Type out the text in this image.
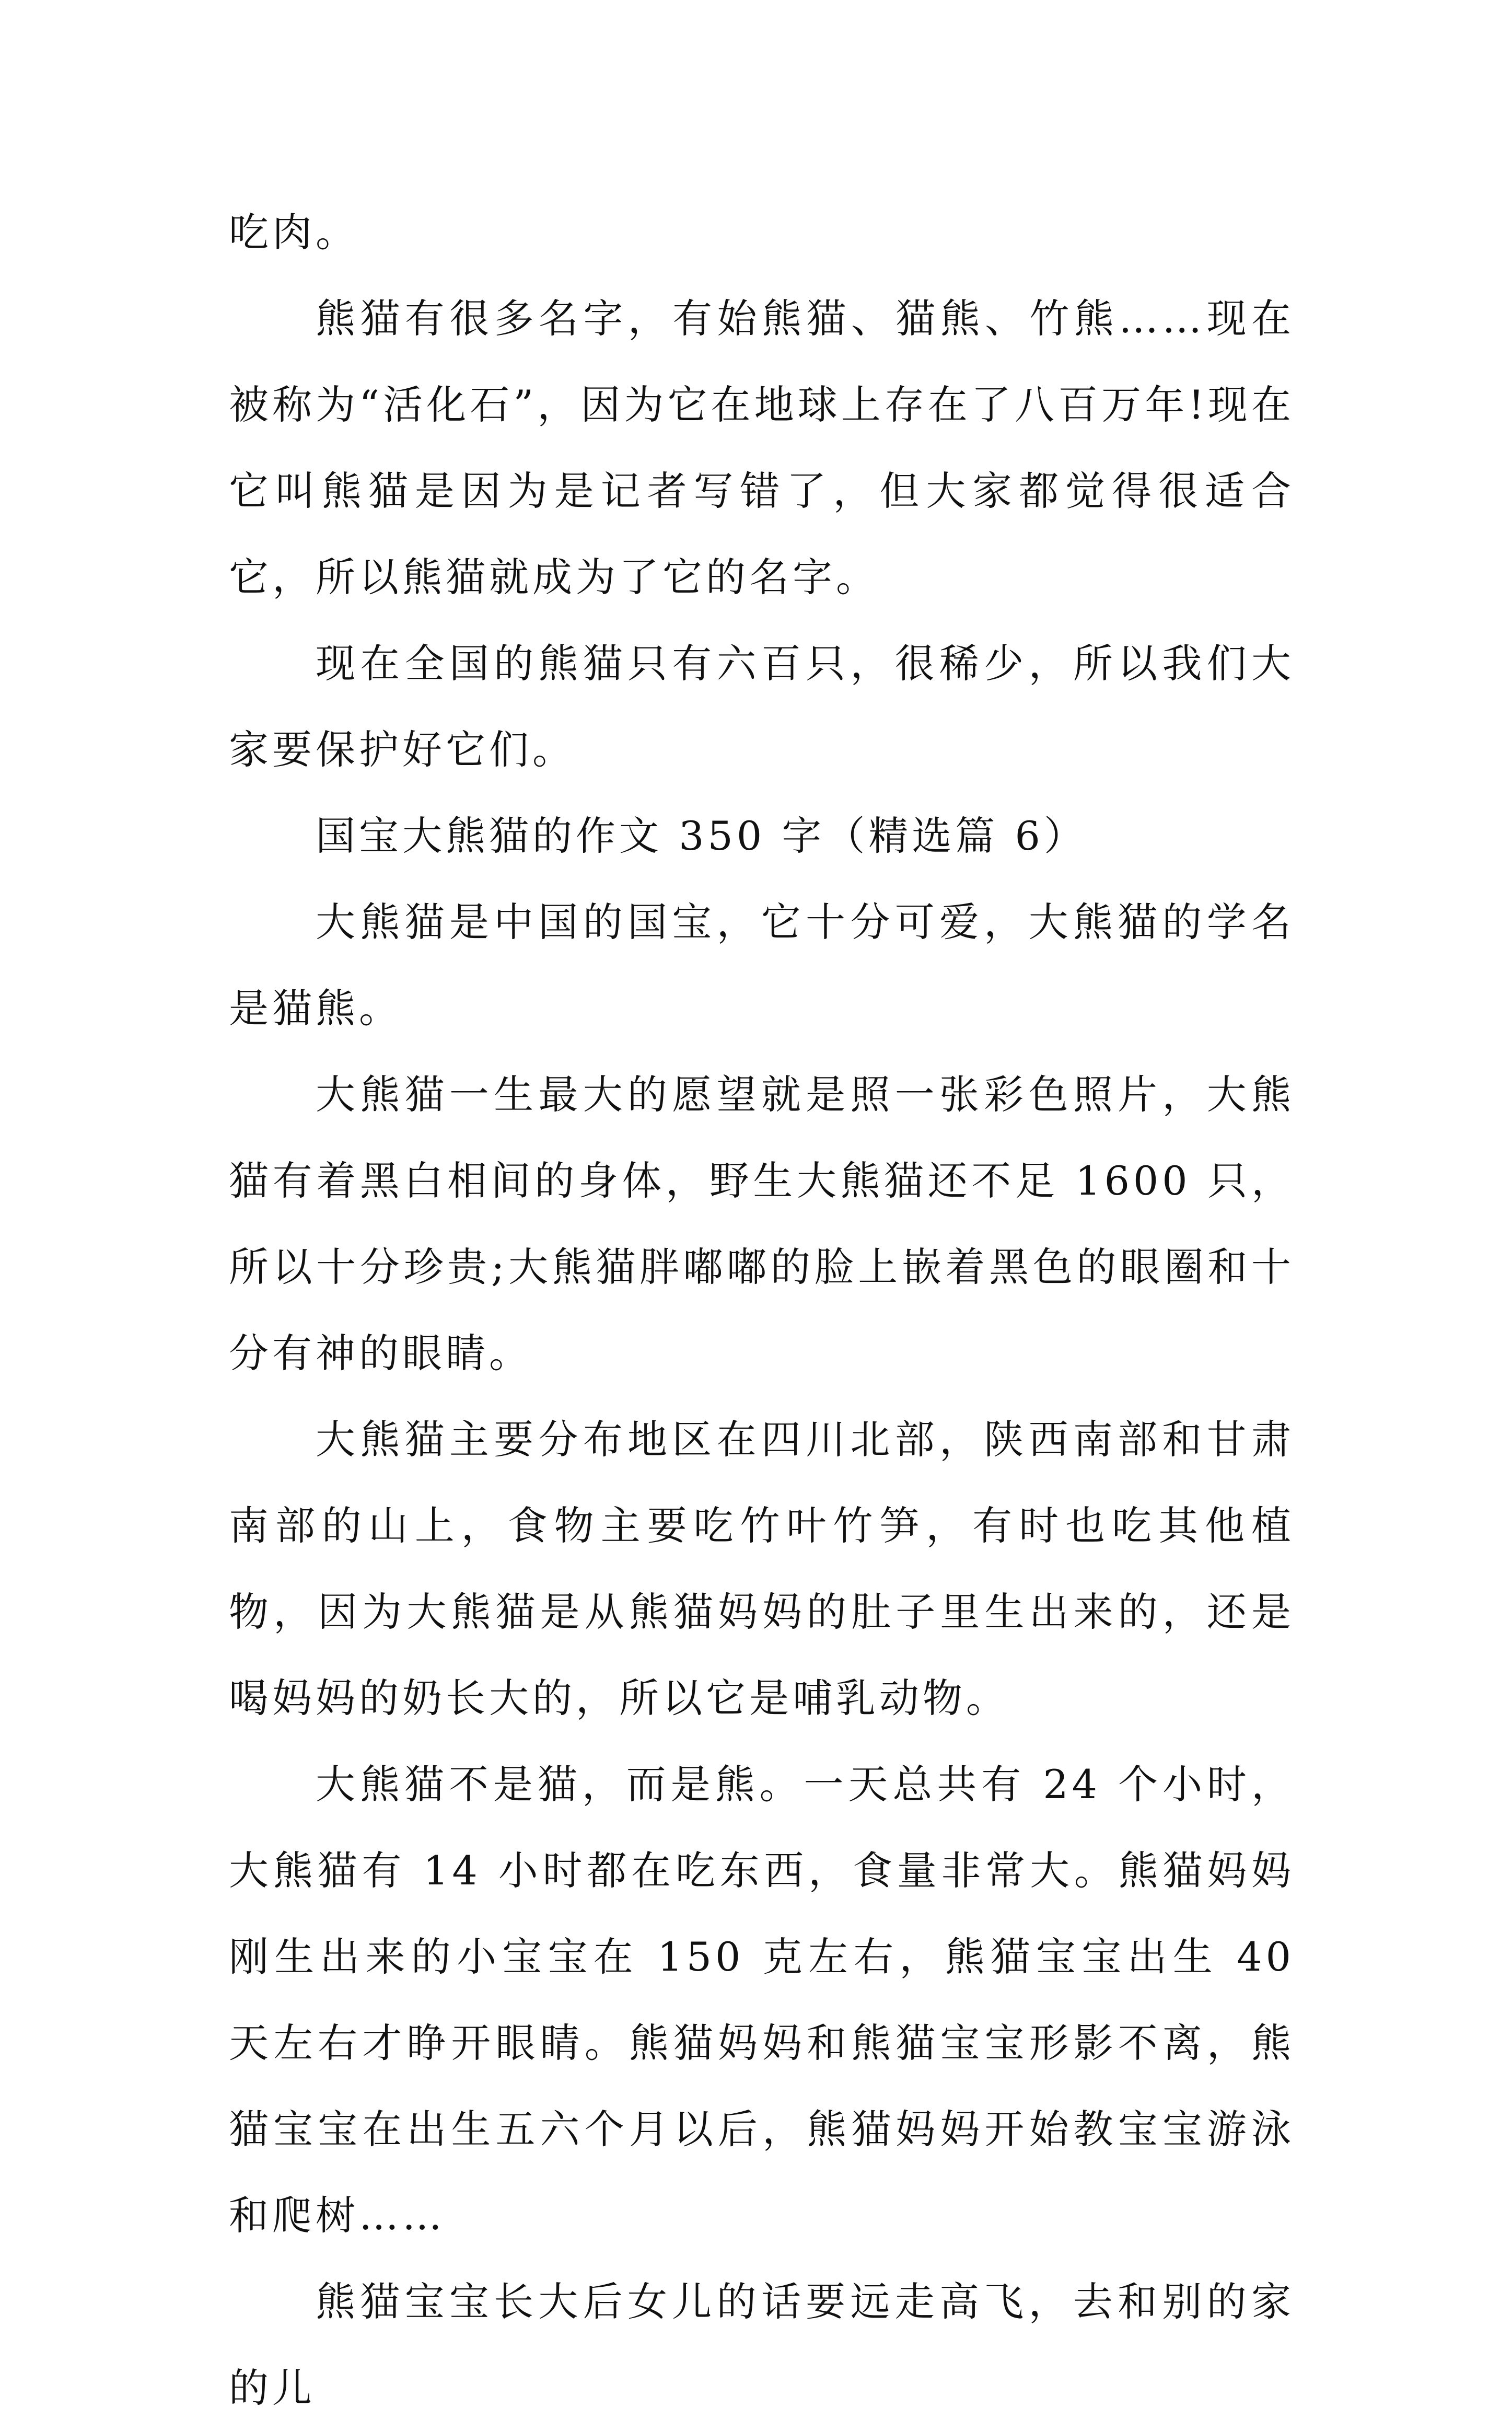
吃肉。

熊猫有很多名字，有始熊猫、猫熊、竹熊……现在被称为“活化石”，因为它在地球上存在了八百万年!现在它叫熊猫是因为是记者写错了，但大家都觉得很适合它，所以熊猫就成为了它的名字。

现在全国的熊猫只有六百只，很稀少，所以我们大家要保护好它们。

国宝大熊猫的作文 350 字（精选篇 6）

大熊猫是中国的国宝，它十分可爱，大熊猫的学名是猫熊。

大熊猫一生最大的愿望就是照一张彩色照片，大熊猫有着黑白相间的身体，野生大熊猫还不足 1600 只，所以十分珍贵;大熊猫胖嘟嘟的脸上嵌着黑色的眼圈和十分有神的眼睛。

大熊猫主要分布地区在四川北部，陕西南部和甘肃南部的山上，食物主要吃竹叶竹笋，有时也吃其他植物，因为大熊猫是从熊猫妈妈的肚子里生出来的，还是喝妈妈的奶长大的，所以它是哺乳动物。

大熊猫不是猫，而是熊。一天总共有 24 个小时，大熊猫有 14 小时都在吃东西，食量非常大。熊猫妈妈刚生出来的小宝宝在 150 克左右，熊猫宝宝出生 40 天左右才睁开眼睛。熊猫妈妈和熊猫宝宝形影不离，熊猫宝宝在出生五六个月以后，熊猫妈妈开始教宝宝游泳和爬树……

熊猫宝宝长大后女儿的话要远走高飞，去和别的家的儿
